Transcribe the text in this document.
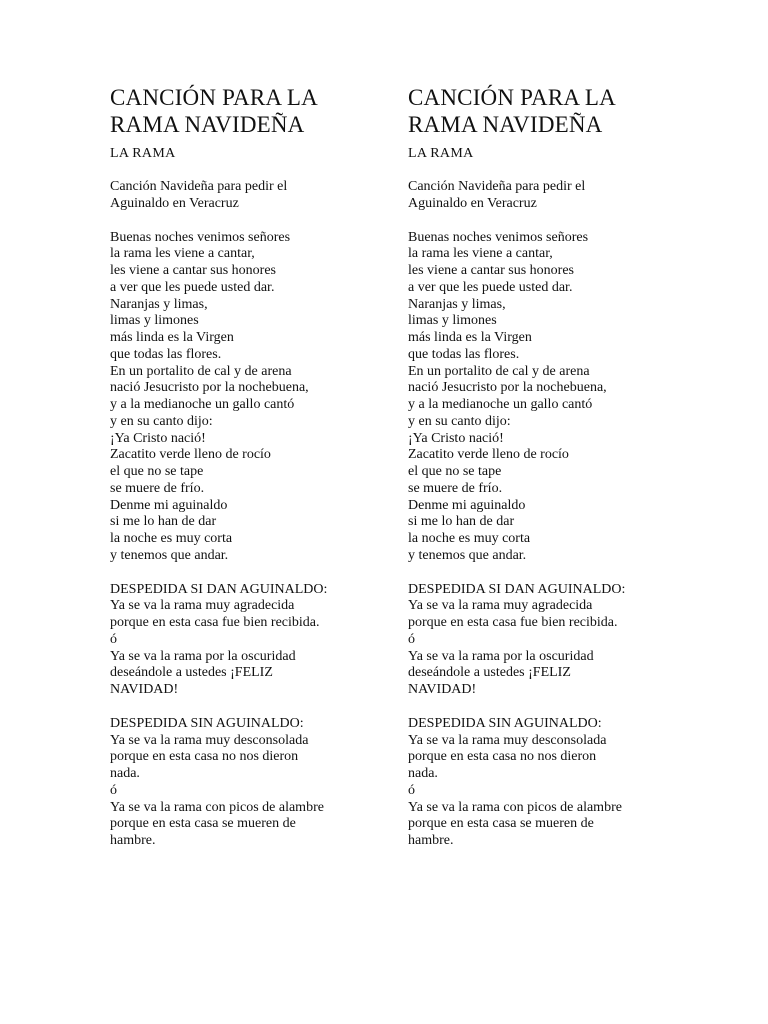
CANCIÓN PARA LA
RAMA NAVIDEÑA
LA RAMA
Canción Navideña para pedir el
Aguinaldo en Veracruz
Buenas noches venimos señores
la rama les viene a cantar,
les viene a cantar sus honores
a ver que les puede usted dar.
Naranjas y limas,
limas y limones
más linda es la Virgen
que todas las flores.
En un portalito de cal y de arena
nació Jesucristo por la nochebuena,
y a la medianoche un gallo cantó
y en su canto dijo:
¡Ya Cristo nació!
Zacatito verde lleno de rocío
el que no se tape
se muere de frío.
Denme mi aguinaldo
si me lo han de dar
la noche es muy corta
y tenemos que andar.
DESPEDIDA SI DAN AGUINALDO:
Ya se va la rama muy agradecida
porque en esta casa fue bien recibida.
ó
Ya se va la rama por la oscuridad
deseándole a ustedes ¡FELIZ
NAVIDAD!
DESPEDIDA SIN AGUINALDO:
Ya se va la rama muy desconsolada
porque en esta casa no nos dieron
nada.
ó
Ya se va la rama con picos de alambre
porque en esta casa se mueren de
hambre.
CANCIÓN PARA LA
RAMA NAVIDEÑA
LA RAMA
Canción Navideña para pedir el
Aguinaldo en Veracruz
Buenas noches venimos señores
la rama les viene a cantar,
les viene a cantar sus honores
a ver que les puede usted dar.
Naranjas y limas,
limas y limones
más linda es la Virgen
que todas las flores.
En un portalito de cal y de arena
nació Jesucristo por la nochebuena,
y a la medianoche un gallo cantó
y en su canto dijo:
¡Ya Cristo nació!
Zacatito verde lleno de rocío
el que no se tape
se muere de frío.
Denme mi aguinaldo
si me lo han de dar
la noche es muy corta
y tenemos que andar.
DESPEDIDA SI DAN AGUINALDO:
Ya se va la rama muy agradecida
porque en esta casa fue bien recibida.
ó
Ya se va la rama por la oscuridad
deseándole a ustedes ¡FELIZ
NAVIDAD!
DESPEDIDA SIN AGUINALDO:
Ya se va la rama muy desconsolada
porque en esta casa no nos dieron
nada.
ó
Ya se va la rama con picos de alambre
porque en esta casa se mueren de
hambre.
